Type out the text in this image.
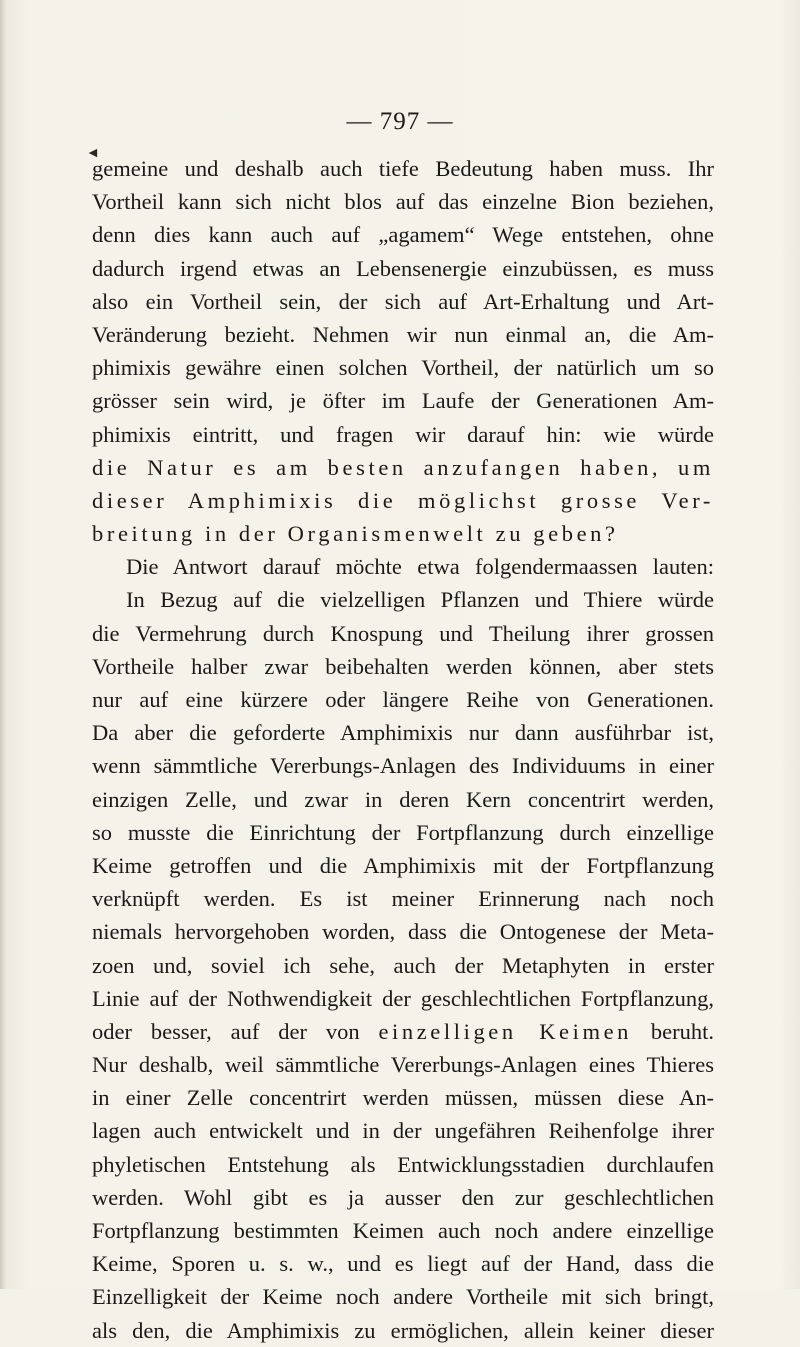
◄
— 797 —
gemeine und deshalb auch tiefe Bedeutung haben muss. Ihr
Vortheil kann sich nicht blos auf das einzelne Bion beziehen,
denn dies kann auch auf „agamem“ Wege entstehen, ohne
dadurch irgend etwas an Lebensenergie einzubüssen, es muss
also ein Vortheil sein, der sich auf Art-Erhaltung und Art-
Veränderung bezieht. Nehmen wir nun einmal an, die Am-
phimixis gewähre einen solchen Vortheil, der natürlich um so
grösser sein wird, je öfter im Laufe der Generationen Am-
phimixis eintritt, und fragen wir darauf hin: wie würde
die Natur es am besten anzufangen haben, um
dieser Amphimixis die möglichst grosse Ver-
breitung in der Organismenwelt zu geben?
Die Antwort darauf möchte etwa folgendermaassen lauten:
In Bezug auf die vielzelligen Pflanzen und Thiere würde
die Vermehrung durch Knospung und Theilung ihrer grossen
Vortheile halber zwar beibehalten werden können, aber stets
nur auf eine kürzere oder längere Reihe von Generationen.
Da aber die geforderte Amphimixis nur dann ausführbar ist,
wenn sämmtliche Vererbungs-Anlagen des Individuums in einer
einzigen Zelle, und zwar in deren Kern concentrirt werden,
so musste die Einrichtung der Fortpflanzung durch einzellige
Keime getroffen und die Amphimixis mit der Fortpflanzung
verknüpft werden. Es ist meiner Erinnerung nach noch
niemals hervorgehoben worden, dass die Ontogenese der Meta-
zoen und, soviel ich sehe, auch der Metaphyten in erster
Linie auf der Nothwendigkeit der geschlechtlichen Fortpflanzung,
oder besser, auf der von einzelligen Keimen beruht.
Nur deshalb, weil sämmtliche Vererbungs-Anlagen eines Thieres
in einer Zelle concentrirt werden müssen, müssen diese An-
lagen auch entwickelt und in der ungefähren Reihenfolge ihrer
phyletischen Entstehung als Entwicklungsstadien durchlaufen
werden. Wohl gibt es ja ausser den zur geschlechtlichen
Fortpflanzung bestimmten Keimen auch noch andere einzellige
Keime, Sporen u. s. w., und es liegt auf der Hand, dass die
Einzelligkeit der Keime noch andere Vortheile mit sich bringt,
als den, die Amphimixis zu ermöglichen, allein keiner dieser
